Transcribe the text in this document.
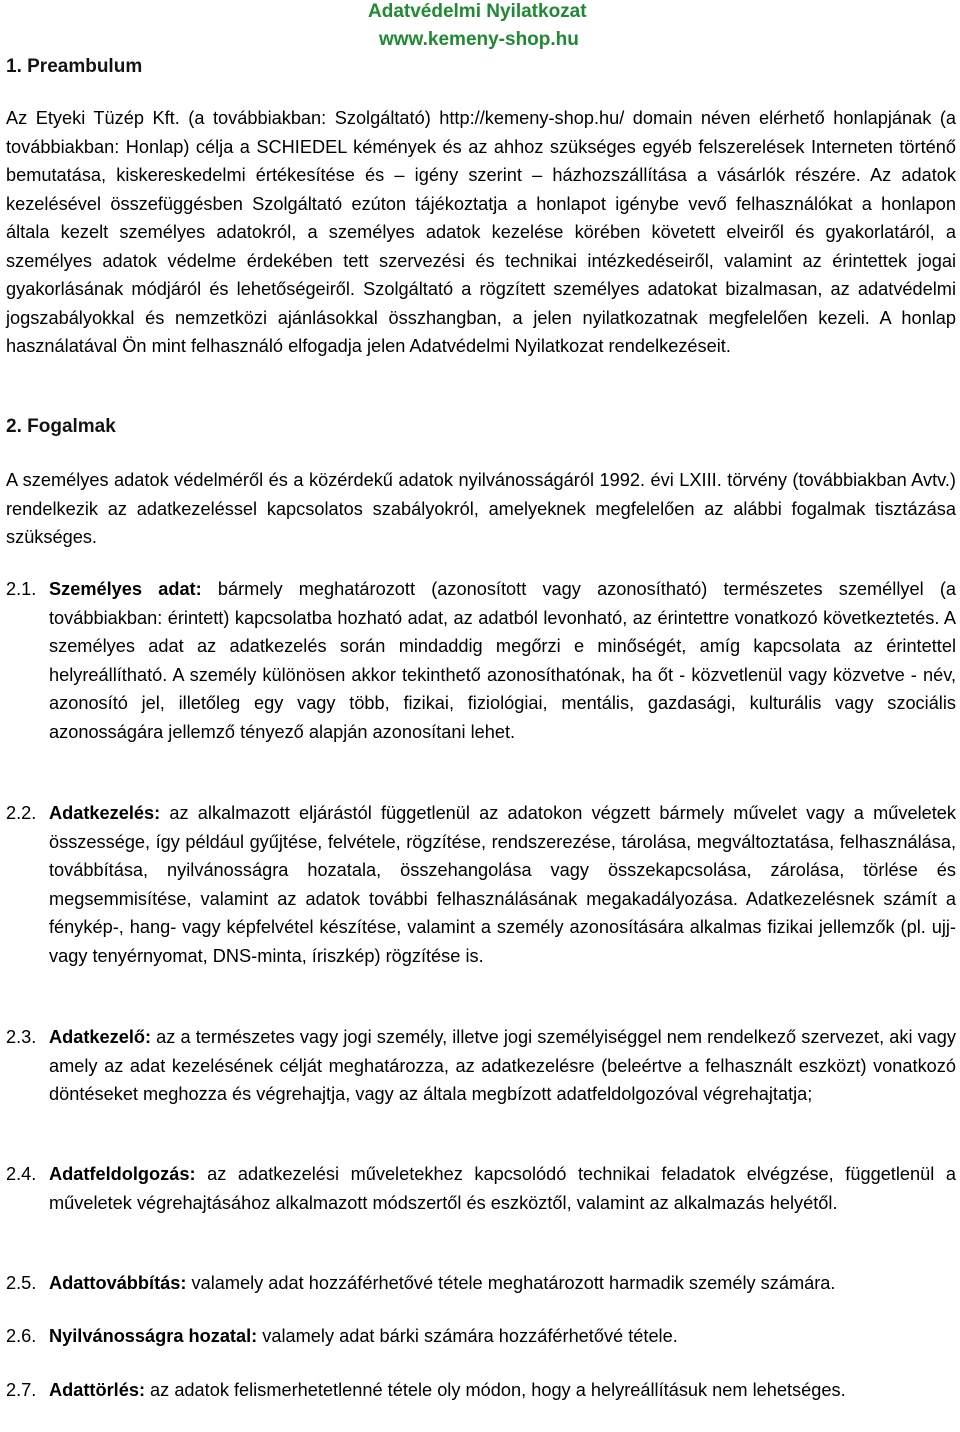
Adatvédelmi Nyilatkozat
www.kemeny-shop.hu
1. Preambulum

Az Etyeki Tüzép Kft. (a továbbiakban: Szolgáltató) http://kemeny-shop.hu/ domain néven elérhető honlapjának (a továbbiakban: Honlap) célja a SCHIEDEL kémények és az ahhoz szükséges egyéb felszerelések Interneten történő bemutatása, kiskereskedelmi értékesítése és – igény szerint – házhozszállítása a vásárlók részére. Az adatok kezelésével összefüggésben Szolgáltató ezúton tájékoztatja a honlapot igénybe vevő felhasználókat a honlapon általa kezelt személyes adatokról, a személyes adatok kezelése körében követett elveiről és gyakorlatáról, a személyes adatok védelme érdekében tett szervezési és technikai intézkedéseiről, valamint az érintettek jogai gyakorlásának módjáról és lehetőségeiről. Szolgáltató a rögzített személyes adatokat bizalmasan, az adatvédelmi jogszabályokkal és nemzetközi ajánlásokkal összhangban, a jelen nyilatkozatnak megfelelően kezeli. A honlap használatával Ön mint felhasználó elfogadja jelen Adatvédelmi Nyilatkozat rendelkezéseit.

2. Fogalmak

A személyes adatok védelméről és a közérdekű adatok nyilvánosságáról 1992. évi LXIII. törvény (továbbiakban Avtv.) rendelkezik az adatkezeléssel kapcsolatos szabályokról, amelyeknek megfelelően az alábbi fogalmak tisztázása szükséges.

2.1. Személyes adat: bármely meghatározott (azonosított vagy azonosítható) természetes személlyel (a továbbiakban: érintett) kapcsolatba hozható adat, az adatból levonható, az érintettre vonatkozó következtetés. A személyes adat az adatkezelés során mindaddig megőrzi e minőségét, amíg kapcsolata az érintettel helyreállítható. A személy különösen akkor tekinthető azonosíthatónak, ha őt - közvetlenül vagy közvetve - név, azonosító jel, illetőleg egy vagy több, fizikai, fiziológiai, mentális, gazdasági, kulturális vagy szociális azonosságára jellemző tényező alapján azonosítani lehet.
2.2. Adatkezelés: az alkalmazott eljárástól függetlenül az adatokon végzett bármely művelet vagy a műveletek összessége, így például gyűjtése, felvétele, rögzítése, rendszerezése, tárolása, megváltoztatása, felhasználása, továbbítása, nyilvánosságra hozatala, összehangolása vagy összekapcsolása, zárolása, törlése és megsemmisítése, valamint az adatok további felhasználásának megakadályozása. Adatkezelésnek számít a fénykép-, hang- vagy képfelvétel készítése, valamint a személy azonosítására alkalmas fizikai jellemzők (pl. ujj- vagy tenyérnyomat, DNS-minta, íriszkép) rögzítése is.
2.3. Adatkezelő: az a természetes vagy jogi személy, illetve jogi személyiséggel nem rendelkező szervezet, aki vagy amely az adat kezelésének célját meghatározza, az adatkezelésre (beleértve a felhasznált eszközt) vonatkozó döntéseket meghozza és végrehajtja, vagy az általa megbízott adatfeldolgozóval végrehajtatja;
2.4. Adatfeldolgozás: az adatkezelési műveletekhez kapcsolódó technikai feladatok elvégzése, függetlenül a műveletek végrehajtásához alkalmazott módszertől és eszköztől, valamint az alkalmazás helyétől.
2.5. Adattovábbítás: valamely adat hozzáférhetővé tétele meghatározott harmadik személy számára.
2.6. Nyilvánosságra hozatal: valamely adat bárki számára hozzáférhetővé tétele.
2.7. Adattörlés: az adatok felismerhetetlenné tétele oly módon, hogy a helyreállításuk nem lehetséges.
